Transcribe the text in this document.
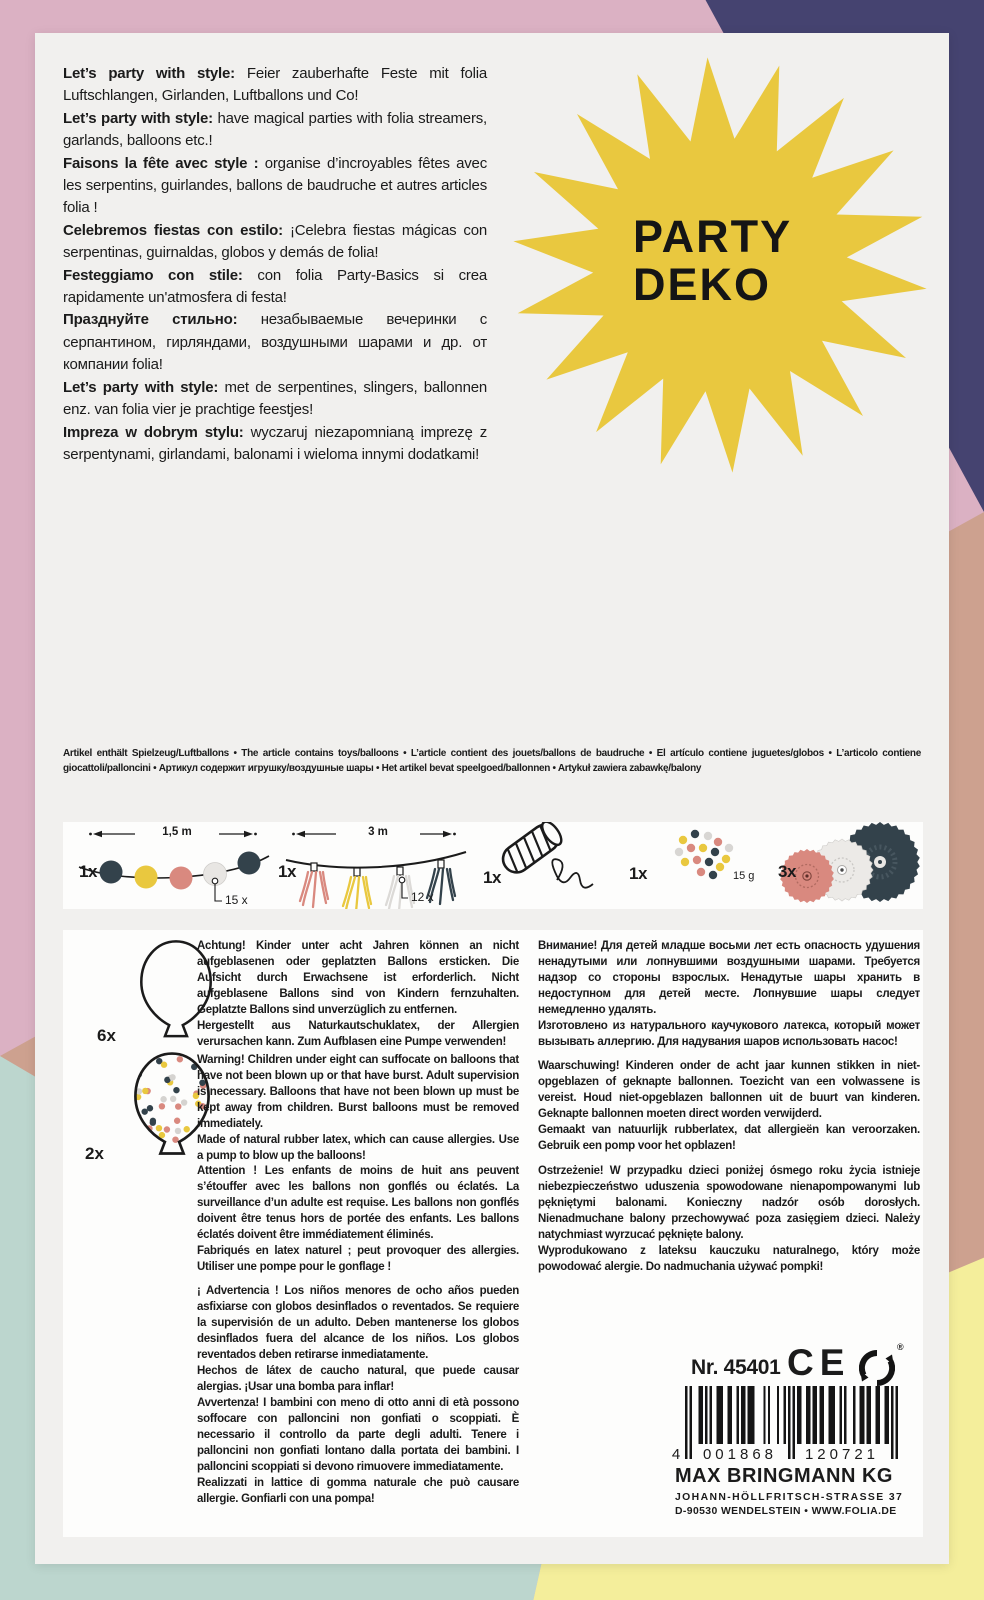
Let’s party with style: Feier zauberhafte Feste mit folia Luftschlangen, Girlanden, Luftballons und Co!

Let’s party with style: have magical parties with folia streamers, garlands, balloons etc.!

Faisons la fête avec style : organise d’incroyables fêtes avec les serpentins, guirlandes, ballons de baudruche et autres articles folia !

Celebremos fiestas con estilo: ¡Celebra fiestas mágicas con serpentinas, guirnaldas, globos y demás de folia!

Festeggiamo con stile: con folia Party-Basics si crea rapidamente un'atmosfera di festa!

Празднуйте стильно: незабываемые вечеринки с серпантином, гирляндами, воздушными шарами и др. от компании folia!

Let’s party with style: met de serpentines, slingers, ballonnen enz. van folia vier je prachtige feestjes!

Impreza w dobrym stylu: wyczaruj niezapomnianą imprezę z serpentynami, girlandami, balonami i wieloma innymi dodatkami!

PARTY
DEKO
Artikel enthält Spielzeug/Luftballons • The article contains toys/balloons • L’article contient des jouets/ballons de baudruche • El artículo contiene juguetes/globos • L’articolo contiene giocattoli/palloncini • Артикул содержит игрушку/воздушные шары • Het artikel bevat speelgoed/ballonnen • Artykuł zawiera zabawkę/balony
1,5 m
1x
15 x
3 m
1x
12 x
1x	1x	15 g 3x
6x
2x

Achtung! Kinder unter acht Jahren können an nicht aufgeblasenen oder geplatzten Ballons ersticken. Die Aufsicht durch Erwachsene ist erforderlich. Nicht aufgeblasene Ballons sind von Kindern fernzuhalten. Geplatzte Ballons sind unverzüglich zu entfernen.

Hergestellt aus Naturkautschuklatex, der Allergien verursachen kann. Zum Aufblasen eine Pumpe verwenden!

Warning! Children under eight can suffocate on balloons that have not been blown up or that have burst. Adult supervision is necessary. Balloons that have not been blown up must be kept away from children. Burst balloons must be removed immediately.

Made of natural rubber latex, which can cause allergies. Use a pump to blow up the balloons!

Attention ! Les enfants de moins de huit ans peuvent s’étouffer avec les ballons non gonflés ou éclatés. La surveillance d’un adulte est requise. Les ballons non gonflés doivent être tenus hors de portée des enfants. Les ballons éclatés doivent être immédiatement éliminés.

Fabriqués en latex naturel ; peut provoquer des allergies. Utiliser une pompe pour le gonflage !

¡ Advertencia ! Los niños menores de ocho años pueden asfixiarse con globos desinflados o reventados. Se requiere la supervisión de un adulto. Deben mantenerse los globos desinflados fuera del alcance de los niños. Los globos reventados deben retirarse inmediatamente.

Hechos de látex de caucho natural, que puede causar alergias. ¡Usar una bomba para inflar!

Avvertenza! I bambini con meno di otto anni di età possono soffocare con palloncini non gonfiati o scoppiati. È necessario il controllo da parte degli adulti. Tenere i palloncini non gonfiati lontano dalla portata dei bambini. I palloncini scoppiati si devono rimuovere immediatamente.

Realizzati in lattice di gomma naturale che può causare allergie. Gonfiarli con una pompa!

Внимание! Для детей младше восьми лет есть опасность удушения ненадутыми или лопнувшими воздушными шарами. Требуется надзор со стороны взрослых. Ненадутые шары хранить в недоступном для детей месте. Лопнувшие шары следует немедленно удалять.

Изготовлено из натурального каучукового латекса, который может вызывать аллергию. Для надувания шаров использовать насос!

Waarschuwing! Kinderen onder de acht jaar kunnen stikken in niet-opgeblazen of geknapte ballonnen. Toezicht van een volwassene is vereist. Houd niet-opgeblazen ballonnen uit de buurt van kinderen. Geknapte ballonnen moeten direct worden verwijderd.

Gemaakt van natuurlijk rubberlatex, dat allergieën kan veroorzaken. Gebruik een pomp voor het opblazen!

Ostrzeżenie! W przypadku dzieci poniżej ósmego roku życia istnieje niebezpieczeństwo uduszenia spowodowane nienapompowanymi lub pękniętymi balonami. Konieczny nadzór osób dorosłych. Nienadmuchane balony przechowywać poza zasięgiem dzieci. Należy natychmiast wyrzucać pęknięte balony.

Wyprodukowano z lateksu kauczuku naturalnego, który może powodować alergie. Do nadmuchania używać pompki!

Nr. 45401 CE	®
4	001868	120721
MAX BRINGMANN KG
JOHANN-HÖLLFRITSCH-STRASSE 37
D-90530 WENDELSTEIN • WWW.FOLIA.DE
